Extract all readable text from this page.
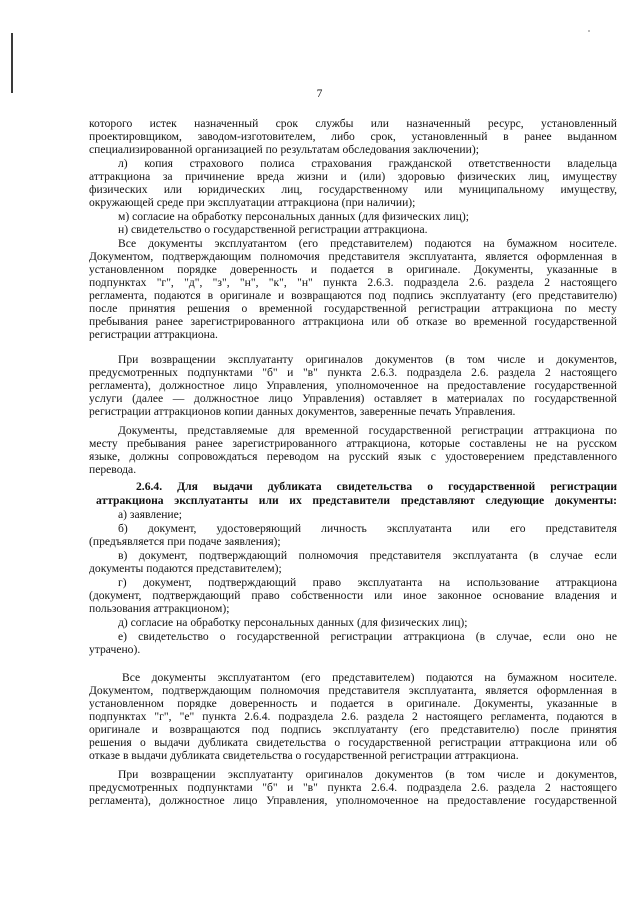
7
которого истек назначенный срок службы или назначенный ресурс, установленный
проектировщиком, заводом-изготовителем, либо срок, установленный в ранее выданном
специализированной организацией по результатам обследования заключении);
л) копия страхового полиса страхования гражданской ответственности владельца
аттракциона за причинение вреда жизни и (или) здоровью физических лиц, имуществу
физических или юридических лиц, государственному или муниципальному имуществу,
окружающей среде при эксплуатации аттракциона (при наличии);
м) согласие на обработку персональных данных (для физических лиц);
н) свидетельство о государственной регистрации аттракциона.
Все документы эксплуатантом (его представителем) подаются на бумажном носителе.
Документом, подтверждающим полномочия представителя эксплуатанта, является оформленная в
установленном порядке доверенность и подается в оригинале. Документы, указанные в
подпунктах "г", "д", "з", "н", "к", "н" пункта 2.6.3. подраздела 2.6. раздела 2 настоящего
регламента, подаются в оригинале и возвращаются под подпись эксплуатанту (его представителю)
после принятия решения о временной государственной регистрации аттракциона по месту
пребывания ранее зарегистрированного аттракциона или об отказе во временной государственной
регистрации аттракциона.
При возвращении эксплуатанту оригиналов документов (в том числе и документов,
предусмотренных подпунктами "б" и "в" пункта 2.6.3. подраздела 2.6. раздела 2 настоящего
регламента), должностное лицо Управления, уполномоченное на предоставление государственной
услуги (далее — должностное лицо Управления) оставляет в материалах по государственной
регистрации аттракционов копии данных документов, заверенные печать Управления.
Документы, представляемые для временной государственной регистрации аттракциона по
месту пребывания ранее зарегистрированного аттракциона, которые составлены не на русском
языке, должны сопровождаться переводом на русский язык с удостоверением представленного
перевода.
2.6.4. Для выдачи дубликата свидетельства о государственной регистрации
аттракциона эксплуатанты или их представители представляют следующие документы:
а) заявление;
б) документ, удостоверяющий личность эксплуатанта или его представителя
(предъявляется при подаче заявления);
в) документ, подтверждающий полномочия представителя эксплуатанта (в случае если
документы подаются представителем);
г) документ, подтверждающий право эксплуатанта на использование аттракциона
(документ, подтверждающий право собственности или иное законное основание владения и
пользования аттракционом);
д) согласие на обработку персональных данных (для физических лиц);
е) свидетельство о государственной регистрации аттракциона (в случае, если оно не
утрачено).
Все документы эксплуатантом (его представителем) подаются на бумажном носителе.
Документом, подтверждающим полномочия представителя эксплуатанта, является оформленная в
установленном порядке доверенность и подается в оригинале. Документы, указанные в
подпунктах "г", "е" пункта 2.6.4. подраздела 2.6. раздела 2 настоящего регламента, подаются в
оригинале и возвращаются под подпись эксплуатанту (его представителю) после принятия
решения о выдачи дубликата свидетельства о государственной регистрации аттракциона или об
отказе в выдачи дубликата свидетельства о государственной регистрации аттракциона.
При возвращении эксплуатанту оригиналов документов (в том числе и документов,
предусмотренных подпунктами "б" и "в" пункта 2.6.4. подраздела 2.6. раздела 2 настоящего
регламента), должностное лицо Управления, уполномоченное на предоставление государственной
